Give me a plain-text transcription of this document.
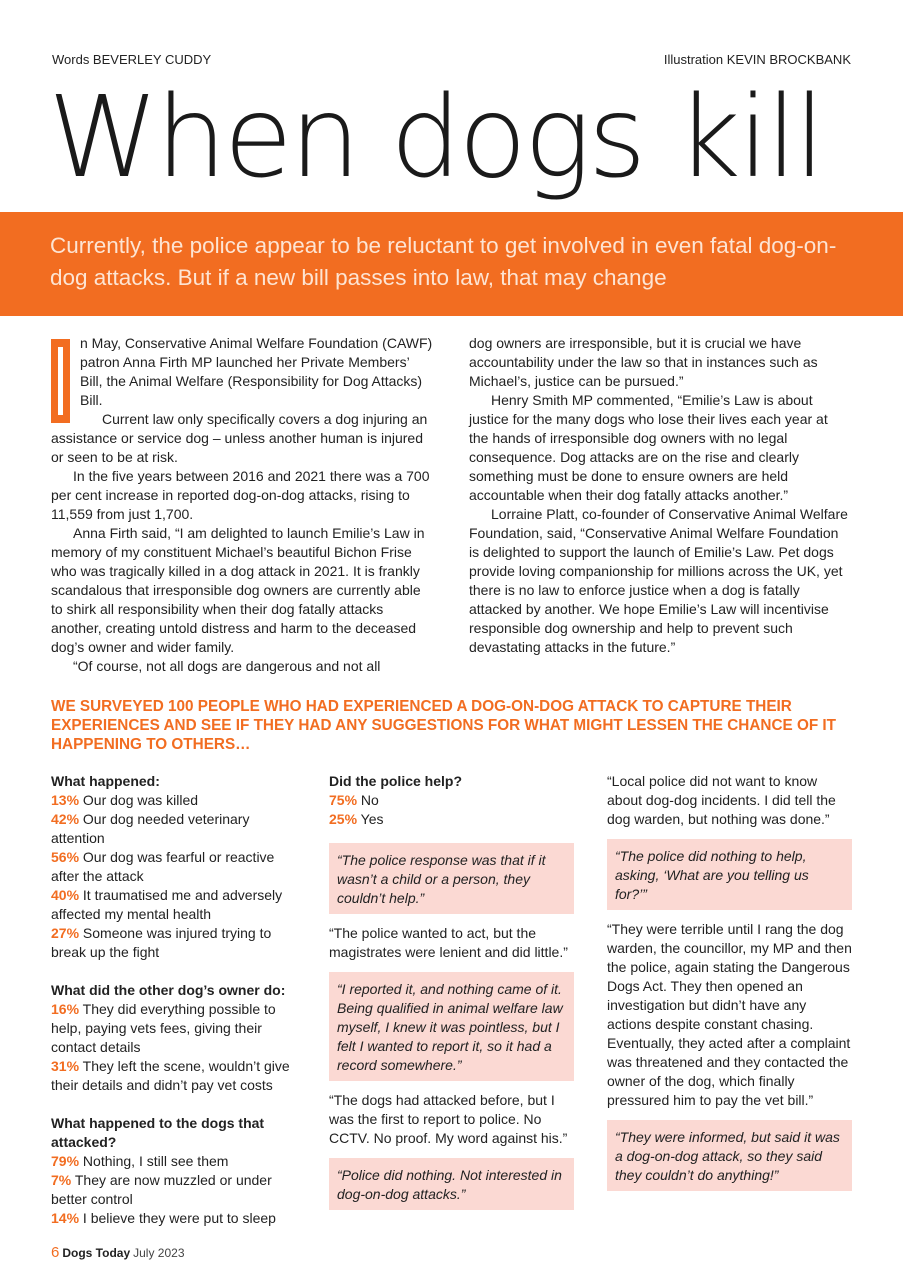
Words BEVERLEY CUDDY	Illustration KEVIN BROCKBANK
When dogs kill
Currently, the police appear to be reluctant to get involved in even fatal dog-on-dog attacks. But if a new bill passes into law, that may change

n May, Conservative Animal Welfare Foundation (CAWF) patron Anna Firth MP launched her Private Members’ Bill, the Animal Welfare (Responsibility for Dog Attacks) Bill.

Current law only specifically covers a dog injuring an assistance or service dog – unless another human is injured or seen to be at risk.

In the five years between 2016 and 2021 there was a 700 per cent increase in reported dog-on-dog attacks, rising to 11,559 from just 1,700.

Anna Firth said, “I am delighted to launch Emilie’s Law in memory of my constituent Michael’s beautiful Bichon Frise who was tragically killed in a dog attack in 2021. It is frankly scandalous that irresponsible dog owners are currently able to shirk all responsibility when their dog fatally attacks another, creating untold distress and harm to the deceased dog’s owner and wider family.

“Of course, not all dogs are dangerous and not all

dog owners are irresponsible, but it is crucial we have accountability under the law so that in instances such as Michael’s, justice can be pursued.”

Henry Smith MP commented, “Emilie’s Law is about justice for the many dogs who lose their lives each year at the hands of irresponsible dog owners with no legal consequence. Dog attacks are on the rise and clearly something must be done to ensure owners are held accountable when their dog fatally attacks another.”

Lorraine Platt, co-founder of Conservative Animal Welfare Foundation, said, “Conservative Animal Welfare Foundation is delighted to support the launch of Emilie’s Law. Pet dogs provide loving companionship for millions across the UK, yet there is no law to enforce justice when a dog is fatally attacked by another. We hope Emilie’s Law will incentivise responsible dog ownership and help to prevent such devastating attacks in the future.”

WE SURVEYED 100 PEOPLE WHO HAD EXPERIENCED A DOG-ON-DOG ATTACK TO CAPTURE THEIR EXPERIENCES AND SEE IF THEY HAD ANY SUGGESTIONS FOR WHAT MIGHT LESSEN THE CHANCE OF IT HAPPENING TO OTHERS…

What happened:

13% Our dog was killed

42% Our dog needed veterinary attention

56% Our dog was fearful or reactive after the attack

40% It traumatised me and adversely affected my mental health

27% Someone was injured trying to break up the fight

What did the other dog’s owner do:

16% They did everything possible to help, paying vets fees, giving their contact details

31% They left the scene, wouldn’t give their details and didn’t pay vet costs

What happened to the dogs that attacked?

79% Nothing, I still see them

7% They are now muzzled or under better control

14% I believe they were put to sleep

Did the police help?

75% No

25% Yes

“The police response was that if it wasn’t a child or a person, they couldn’t help.”

“The police wanted to act, but the magistrates were lenient and did little.”

“I reported it, and nothing came of it. Being qualified in animal welfare law myself, I knew it was pointless, but I felt I wanted to report it, so it had a record somewhere.”

“The dogs had attacked before, but I was the first to report to police. No CCTV. No proof. My word against his.”

“Police did nothing. Not interested in dog-on-dog attacks.”

“Local police did not want to know about dog-dog incidents. I did tell the dog warden, but nothing was done.”

“The police did nothing to help, asking, ‘What are you telling us for?’”

“They were terrible until I rang the dog warden, the councillor, my MP and then the police, again stating the Dangerous Dogs Act. They then opened an investigation but didn’t have any actions despite constant chasing. Eventually, they acted after a complaint was threatened and they contacted the owner of the dog, which finally pressured him to pay the vet bill.”

“They were informed, but said it was a dog-on-dog attack, so they said they couldn’t do anything!”
6 Dogs Today July 2023
